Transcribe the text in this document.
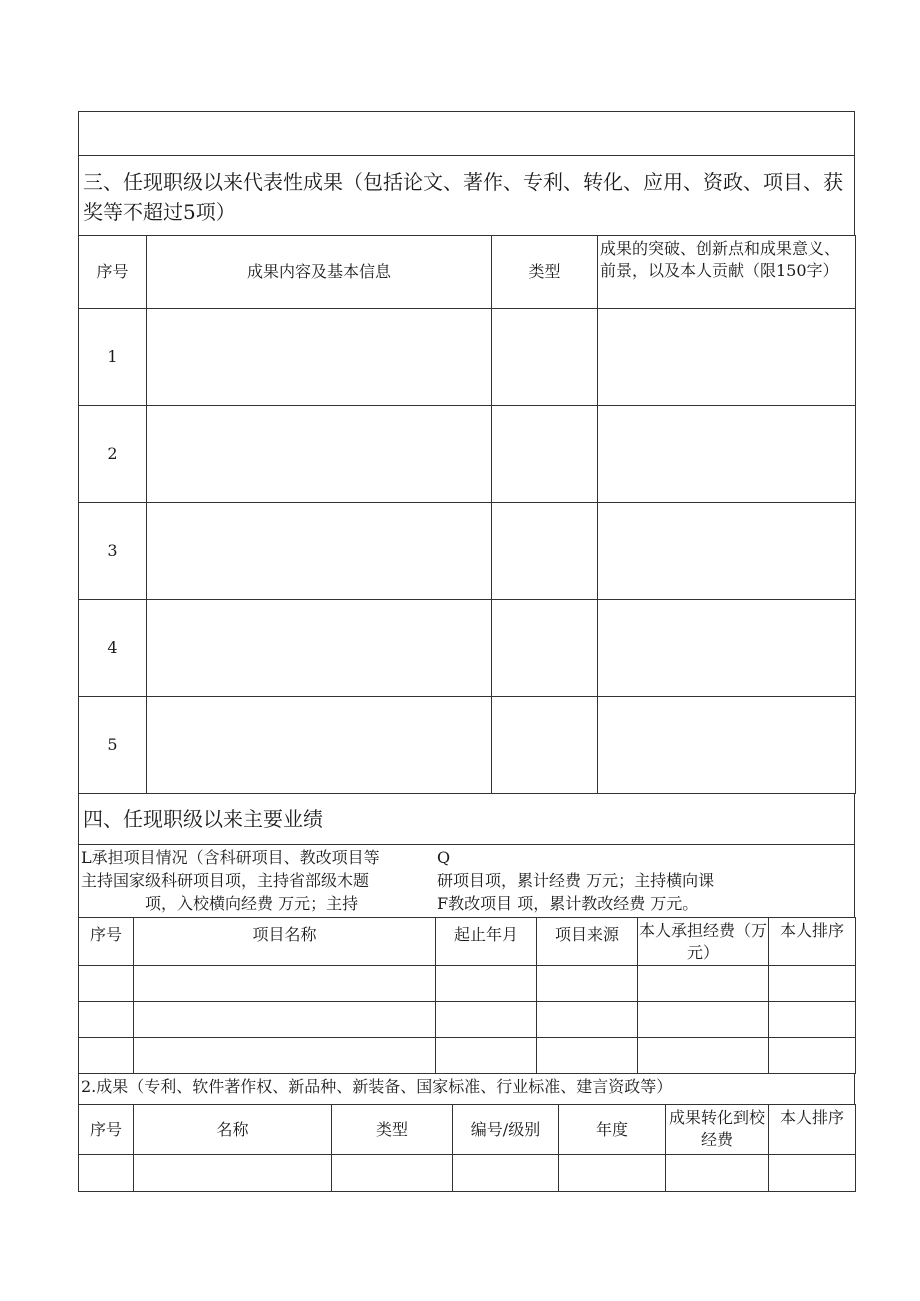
三、任现职级以来代表性成果（包括论文、著作、专利、转化、应用、资政、项目、获奖等不超过5项）
序号	成果内容及基本信息	类型	成果的突破、创新点和成果意义、前景，以及本人贡献（限150字）
1			
2			
3			
4			
5			
四、任现职级以来主要业绩
L承担项目情况（含科研项目、教改项目等
主持国家级科研项目项，主持省部级木题
项，入校横向经费 万元；主持
Q
研项目项，累计经费 万元；主持横向课
F教改项目 项，累计教改经费 万元。
序号	项目名称	起止年月	项目来源	本人承担经费（万元）	本人排序

2.成果（专利、软件著作权、新品种、新装备、国家标准、行业标准、建言资政等）
序号	名称	类型	编号/级别	年度	成果转化到校经费	本人排序
